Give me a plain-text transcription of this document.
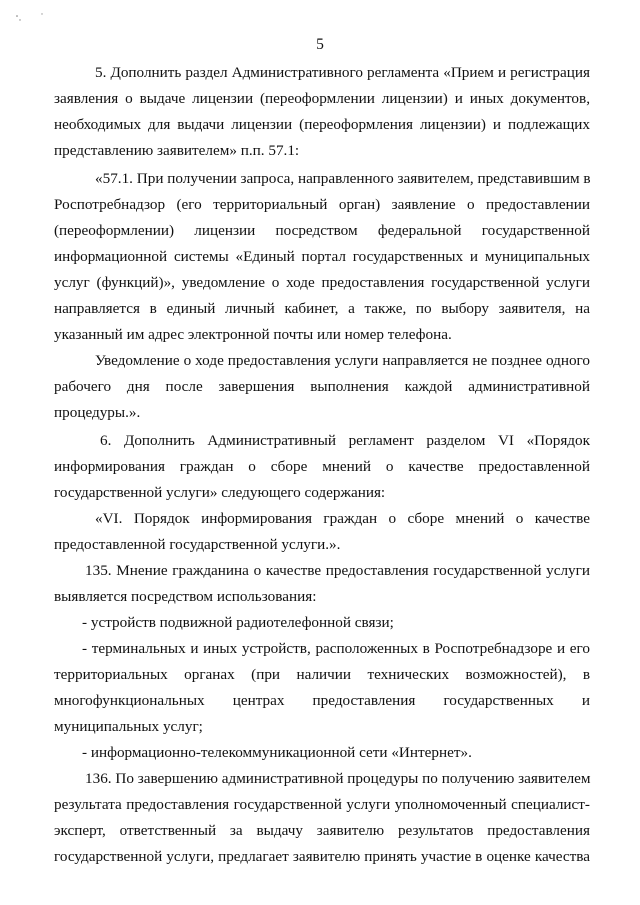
5
5. Дополнить раздел Административного регламента «Прием и регистрация
заявления о выдаче лицензии (переоформлении лицензии) и иных документов,
необходимых для выдачи лицензии (переоформления лицензии) и подлежащих
представлению заявителем» п.п. 57.1:
«57.1. При получении запроса, направленного заявителем, представившим в
Роспотребнадзор (его территориальный орган) заявление о предоставлении
(переоформлении) лицензии посредством федеральной государственной
информационной системы «Единый портал государственных и муниципальных
услуг (функций)», уведомление о ходе предоставления государственной услуги
направляется в единый личный кабинет, а также, по выбору заявителя, на
указанный им адрес электронной почты или номер телефона.
Уведомление о ходе предоставления услуги направляется не позднее одного
рабочего дня после завершения выполнения каждой административной
процедуры.».
6. Дополнить Административный регламент разделом VI «Порядок
информирования граждан о сборе мнений о качестве предоставленной
государственной услуги» следующего содержания:
«VI. Порядок информирования граждан о сборе мнений о качестве
предоставленной государственной услуги.».
135. Мнение гражданина о качестве предоставления государственной услуги
выявляется посредством использования:
- устройств подвижной радиотелефонной связи;
- терминальных и иных устройств, расположенных в Роспотребнадзоре и его
территориальных органах (при наличии технических возможностей), в
многофункциональных центрах предоставления государственных и
муниципальных услуг;
- информационно-телекоммуникационной сети «Интернет».
136. По завершению административной процедуры по получению заявителем
результата предоставления государственной услуги уполномоченный специалист-
эксперт, ответственный за выдачу заявителю результатов предоставления
государственной услуги, предлагает заявителю принять участие в оценке качества
